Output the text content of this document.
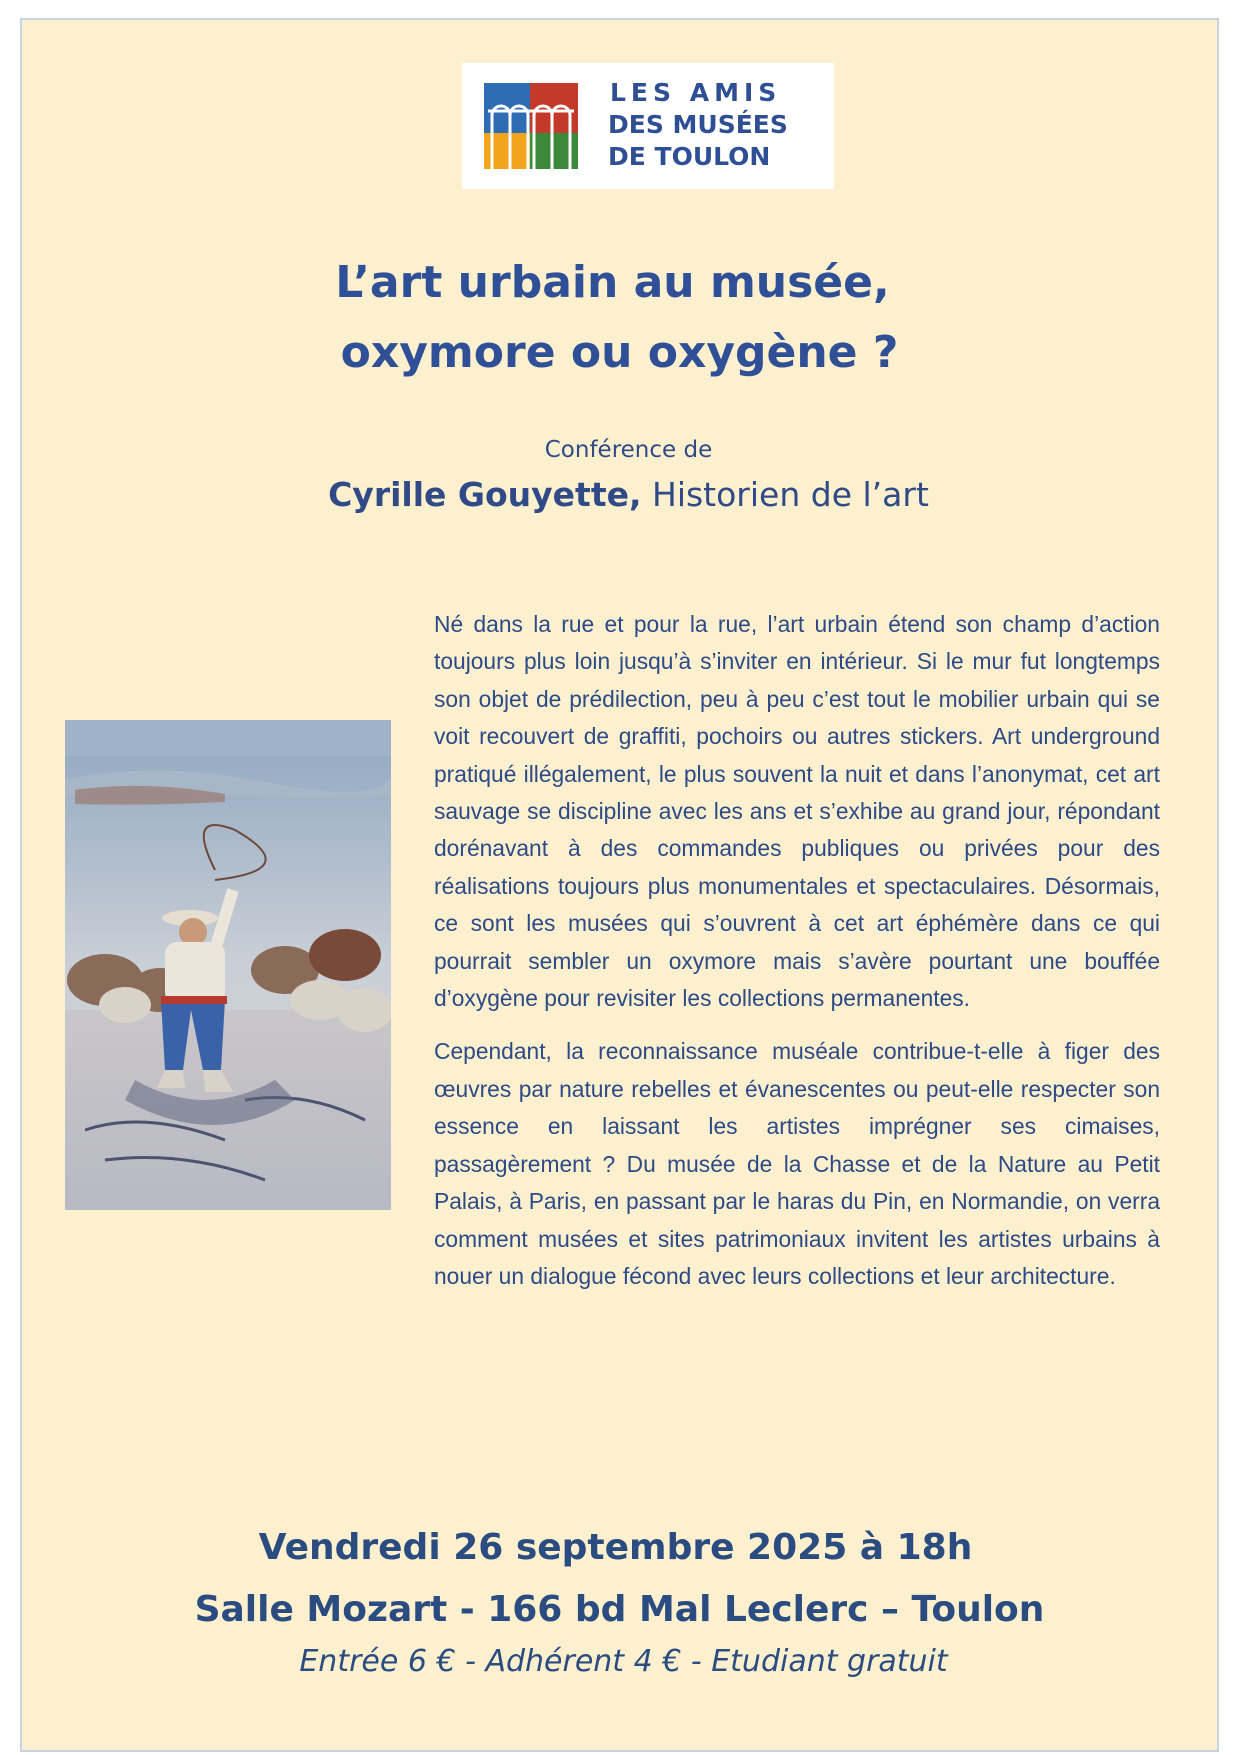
LES AMIS
DES MUSÉES
DE TOULON
L’art urbain au musée,
oxymore ou oxygène ?
Conférence de
Cyrille Gouyette, Historien de l’art

Né dans la rue et pour la rue, l’art urbain étend son champ d’action toujours plus loin jusqu’à s’inviter en intérieur. Si le mur fut longtemps son objet de prédilection, peu à peu c’est tout le mobilier urbain qui se voit recouvert de graffiti, pochoirs ou autres stickers. Art underground pratiqué illégalement, le plus souvent la nuit et dans l’anonymat, cet art sauvage se discipline avec les ans et s’exhibe au grand jour, répondant dorénavant à des commandes publiques ou privées pour des réalisations toujours plus monumentales et spectaculaires. Désormais, ce sont les musées qui s’ouvrent à cet art éphémère dans ce qui pourrait sembler un oxymore mais s’avère pourtant une bouffée d’oxygène pour revisiter les collections permanentes.

Cependant, la reconnaissance muséale contribue-t-elle à figer des œuvres par nature rebelles et évanescentes ou peut-elle respecter son essence en laissant les artistes imprégner ses cimaises, passagèrement ? Du musée de la Chasse et de la Nature au Petit Palais, à Paris, en passant par le haras du Pin, en Normandie, on verra comment musées et sites patrimoniaux invitent les artistes urbains à nouer un dialogue fécond avec leurs collections et leur architecture.

Vendredi 26 septembre 2025 à 18h
Salle Mozart - 166 bd Mal Leclerc – Toulon
Entrée 6 € - Adhérent 4 € - Etudiant gratuit
